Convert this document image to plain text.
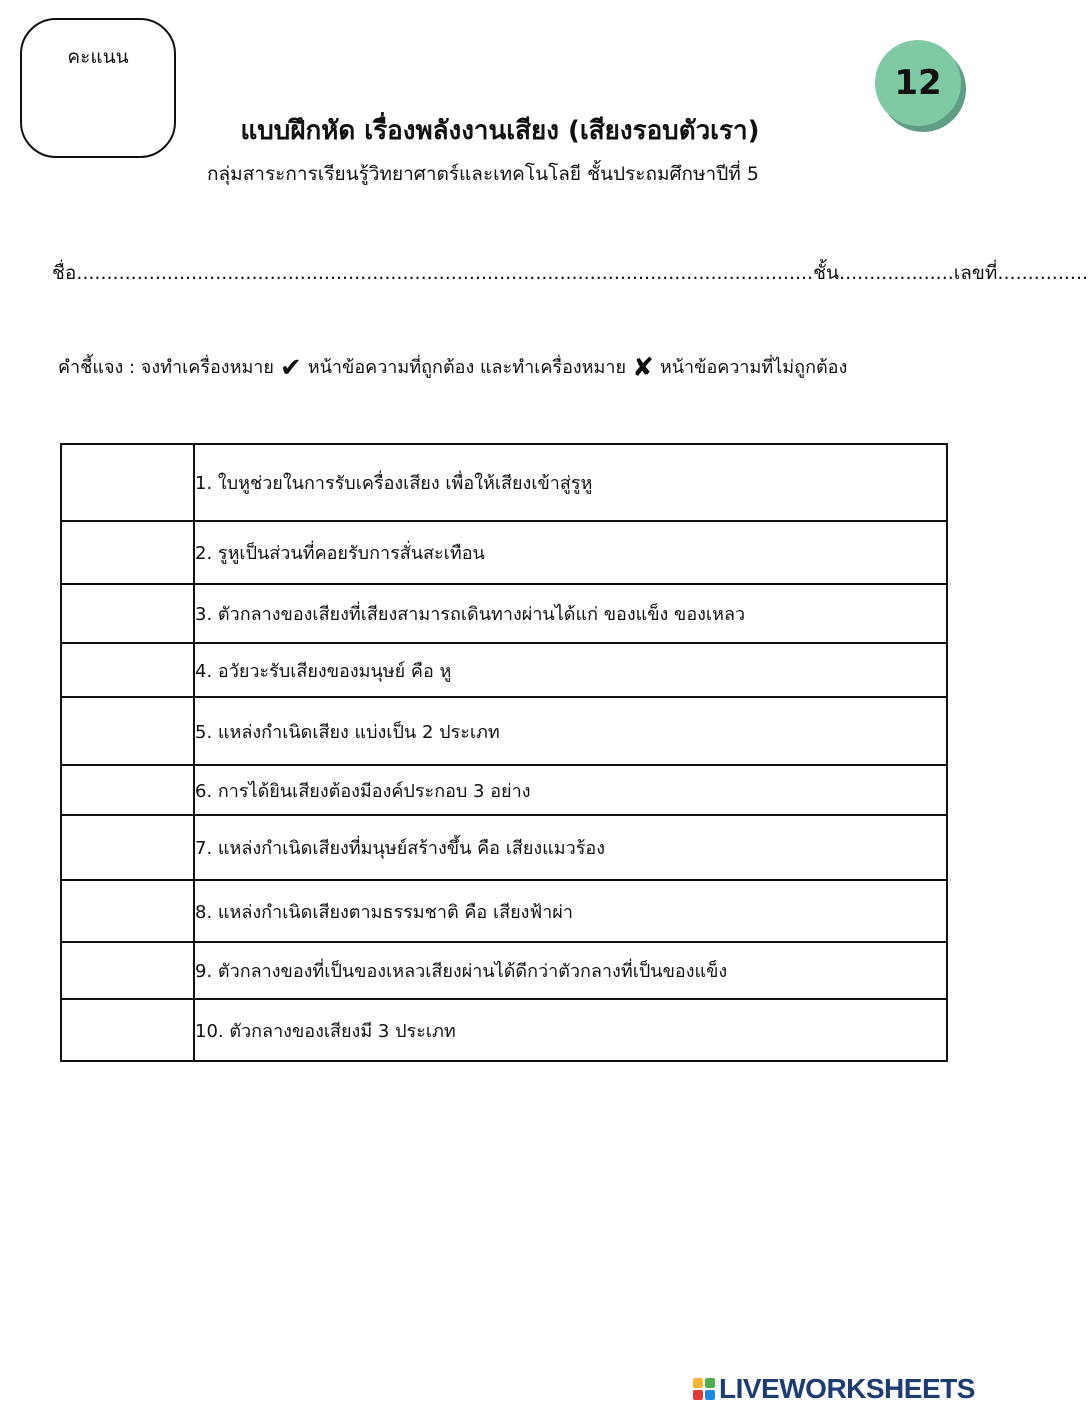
คะแนน
12
แบบฝึกหัด เรื่องพลังงานเสียง (เสียงรอบตัวเรา)
กลุ่มสาระการเรียนรู้วิทยาศาตร์และเทคโนโลยี ชั้นประถมศึกษาปีที่ 5
ชื่อ..........................................................................................................................ชั้น...................เลขที่...............
คำชี้แจง : จงทำเครื่องหมาย ✔ หน้าข้อความที่ถูกต้อง และทำเครื่องหมาย ✘ หน้าข้อความที่ไม่ถูกต้อง
	1. ใบหูช่วยในการรับเครื่องเสียง เพื่อให้เสียงเข้าสู่รูหู
	2. รูหูเป็นส่วนที่คอยรับการสั่นสะเทือน
	3. ตัวกลางของเสียงที่เสียงสามารถเดินทางผ่านได้แก่ ของแข็ง ของเหลว
	4. อวัยวะรับเสียงของมนุษย์ คือ หู
	5. แหล่งกำเนิดเสียง แบ่งเป็น 2 ประเภท
	6. การได้ยินเสียงต้องมีองค์ประกอบ 3 อย่าง
	7. แหล่งกำเนิดเสียงที่มนุษย์สร้างขึ้น คือ เสียงแมวร้อง
	8. แหล่งกำเนิดเสียงตามธรรมชาติ คือ เสียงฟ้าผ่า
	9. ตัวกลางของที่เป็นของเหลวเสียงผ่านได้ดีกว่าตัวกลางที่เป็นของแข็ง
	10. ตัวกลางของเสียงมี 3 ประเภท
LIVEWORKSHEETS
